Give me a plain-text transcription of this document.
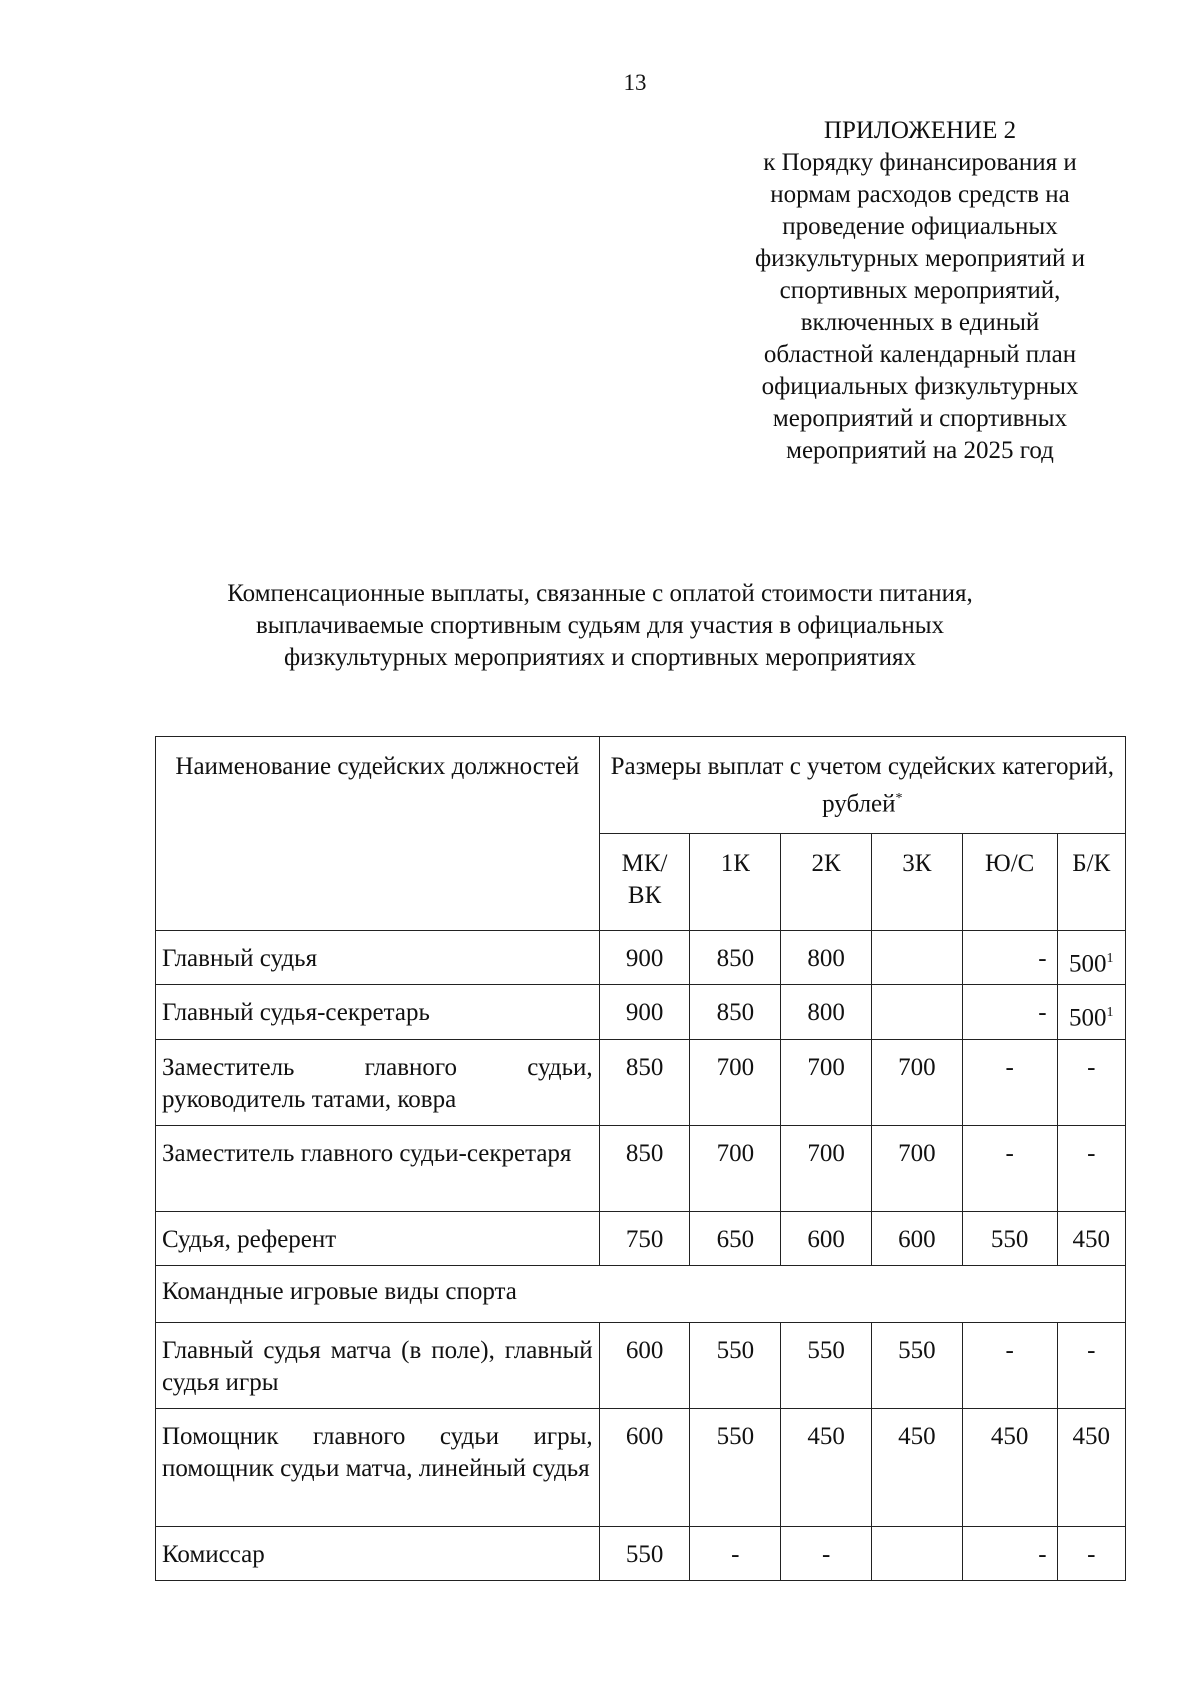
13
ПРИЛОЖЕНИЕ 2
к Порядку финансирования и
нормам расходов средств на
проведение официальных
физкультурных мероприятий и
спортивных мероприятий,
включенных в единый
областной календарный план
официальных физкультурных
мероприятий и спортивных
мероприятий на 2025 год
Компенсационные выплаты, связанные с оплатой стоимости питания,
выплачиваемые спортивным судьям для участия в официальных
физкультурных мероприятиях и спортивных мероприятиях
Наименование судейских должностей	Размеры выплат с учетом судейских категорий, рублей*
	МК/ ВК	1К	2К	3К	Ю/С	Б/К
Главный судья	900	850	800		-	$500^1$
Главный судья-секретарь	900	850	800		-	$500^1$
Заместитель главного судьи, руководитель татами, ковра	850	700	700	700	-	-
Заместитель главного судьи-секретаря	850	700	700	700	-	-
Судья, референт	750	650	600	600	550	450
Командные игровые виды спорта						
Главный судья матча (в поле), главный судья игры	600	550	550	550	-	-
Помощник главного судьи игры, помощник судьи матча, линейный судья	600	550	450	450	450	450
Комиссар	550	-	-		-	-
